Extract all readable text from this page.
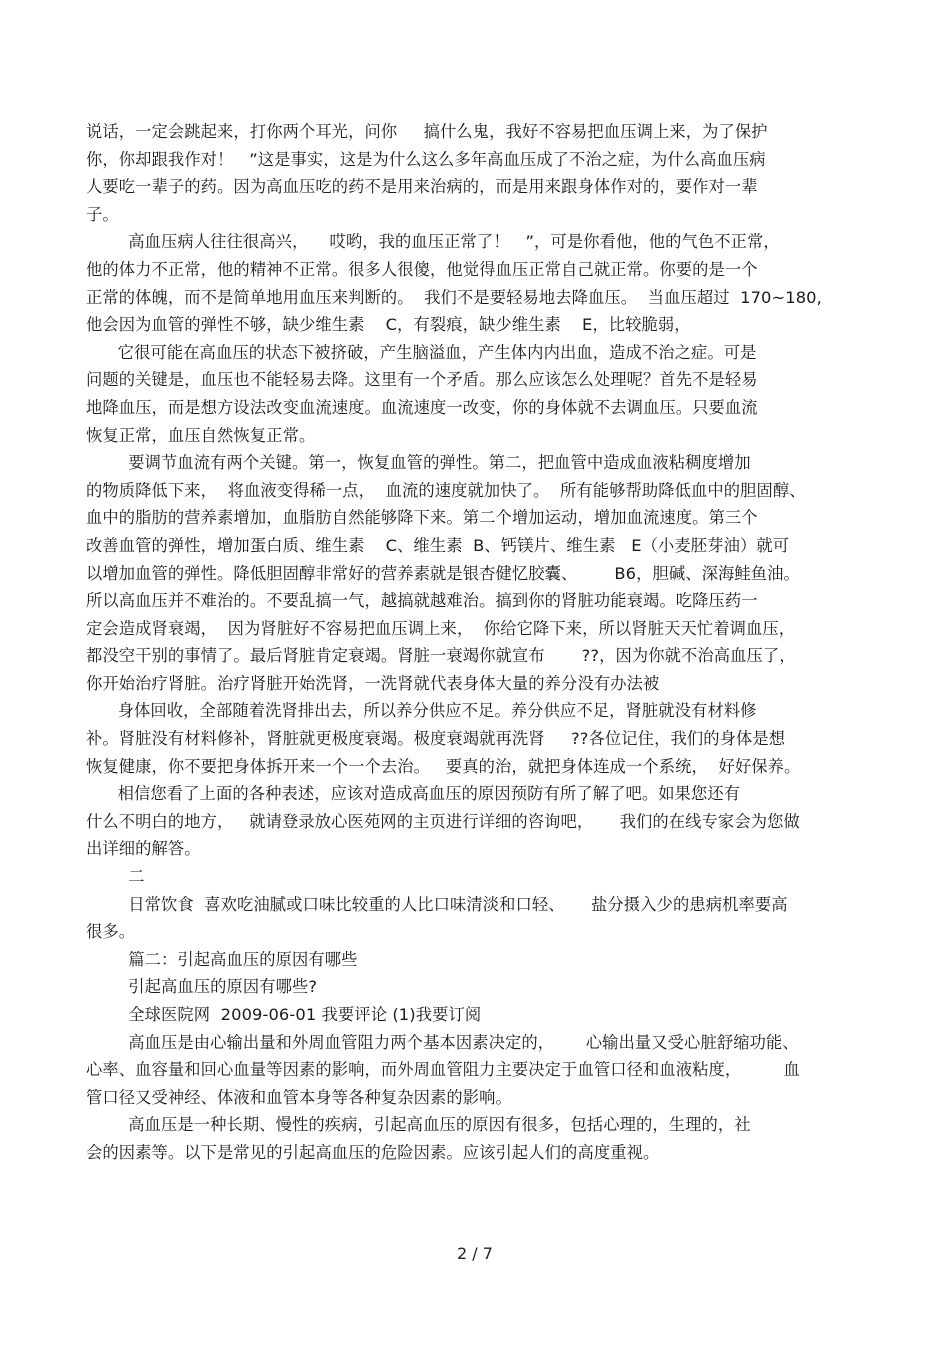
说话，一定会跳起来，打你两个耳光，问你     搞什么鬼，我好不容易把血压调上来，为了保护
你，你却跟我作对！   ”这是事实，这是为什么这么多年高血压成了不治之症，为什么高血压病
人要吃一辈子的药。因为高血压吃的药不是用来治病的，而是用来跟身体作对的，要作对一辈
子。
高血压病人往往很高兴，    哎哟，我的血压正常了！   ”，可是你看他，他的气色不正常，
他的体力不正常，他的精神不正常。很多人很傻，他觉得血压正常自己就正常。你要的是一个
正常的体魄，而不是简单地用血压来判断的。  我们不是要轻易地去降血压。  当血压超过  170~180,
他会因为血管的弹性不够，缺少维生素    C，有裂痕，缺少维生素    E，比较脆弱，
它很可能在高血压的状态下被挤破，产生脑溢血，产生体内内出血，造成不治之症。可是
问题的关键是，血压也不能轻易去降。这里有一个矛盾。那么应该怎么处理呢？首先不是轻易
地降血压，而是想方设法改变血流速度。血流速度一改变，你的身体就不去调血压。只要血流
恢复正常，血压自然恢复正常。
要调节血流有两个关键。第一，恢复血管的弹性。第二，把血管中造成血液粘稠度增加
的物质降低下来，  将血液变得稀一点，  血流的速度就加快了。  所有能够帮助降低血中的胆固醇、
血中的脂肪的营养素增加，血脂肪自然能够降下来。第二个增加运动，增加血流速度。第三个
改善血管的弹性，增加蛋白质、维生素    C、维生素  B、钙镁片、维生素   E（小麦胚芽油）就可
以增加血管的弹性。降低胆固醇非常好的营养素就是银杏健忆胶囊、       B6，胆碱、深海鲑鱼油。
所以高血压并不难治的。不要乱搞一气，越搞就越难治。搞到你的肾脏功能衰竭。吃降压药一
定会造成肾衰竭，  因为肾脏好不容易把血压调上来，  你给它降下来，所以肾脏天天忙着调血压，
都没空干别的事情了。最后肾脏肯定衰竭。肾脏一衰竭你就宣布       ??，因为你就不治高血压了，
你开始治疗肾脏。治疗肾脏开始洗肾，一洗肾就代表身体大量的养分没有办法被
身体回收，全部随着洗肾排出去，所以养分供应不足。养分供应不足，肾脏就没有材料修
补。肾脏没有材料修补，肾脏就更极度衰竭。极度衰竭就再洗肾     ??各位记住，我们的身体是想
恢复健康，你不要把身体拆开来一个一个去治。   要真的治，就把身体连成一个系统，  好好保养。
相信您看了上面的各种表述，应该对造成高血压的原因预防有所了解了吧。如果您还有
什么不明白的地方，   就请登录放心医苑网的主页进行详细的咨询吧，     我们的在线专家会为您做
出详细的解答。
二
日常饮食  喜欢吃油腻或口味比较重的人比口味清淡和口轻、     盐分摄入少的患病机率要高
很多。
篇二：引起高血压的原因有哪些
引起高血压的原因有哪些?
全球医院网  2009-06-01 我要评论 (1)我要订阅
高血压是由心输出量和外周血管阻力两个基本因素决定的，      心输出量又受心脏舒缩功能、
心率、血容量和回心血量等因素的影响，而外周血管阻力主要决定于血管口径和血液粘度，        血
管口径又受神经、体液和血管本身等各种复杂因素的影响。
高血压是一种长期、慢性的疾病，引起高血压的原因有很多，包括心理的，生理的，社
会的因素等。以下是常见的引起高血压的危险因素。应该引起人们的高度重视。
2 / 7
